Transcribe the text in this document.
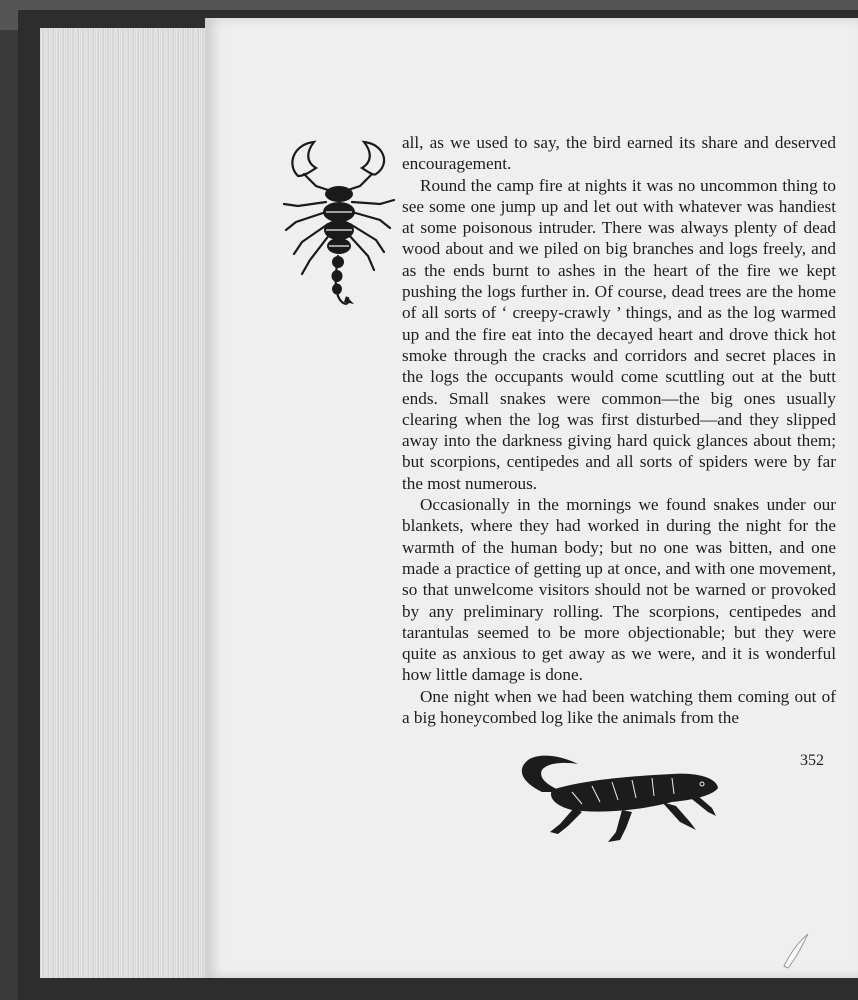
all, as we used to say, the bird earned its share and deserved encouragement.

Round the camp fire at nights it was no uncommon thing to see some one jump up and let out with whatever was handiest at some poisonous intruder. There was always plenty of dead wood about and we piled on big branches and logs freely, and as the ends burnt to ashes in the heart of the fire we kept pushing the logs further in. Of course, dead trees are the home of all sorts of ‘ creepy-crawly ’ things, and as the log warmed up and the fire eat into the decayed heart and drove thick hot smoke through the cracks and corridors and secret places in the logs the occupants would come scuttling out at the butt ends. Small snakes were common—the big ones usually clearing when the log was first disturbed—and they slipped away into the darkness giving hard quick glances about them; but scorpions, centipedes and all sorts of spiders were by far the most numerous.

Occasionally in the mornings we found snakes under our blankets, where they had worked in during the night for the warmth of the human body; but no one was bitten, and one made a practice of getting up at once, and with one movement, so that unwelcome visitors should not be warned or provoked by any preliminary rolling. The scorpions, centipedes and tarantulas seemed to be more objectionable; but they were quite as anxious to get away as we were, and it is wonderful how little damage is done.

One night when we had been watching them coming out of a big honeycombed log like the animals from the

352
